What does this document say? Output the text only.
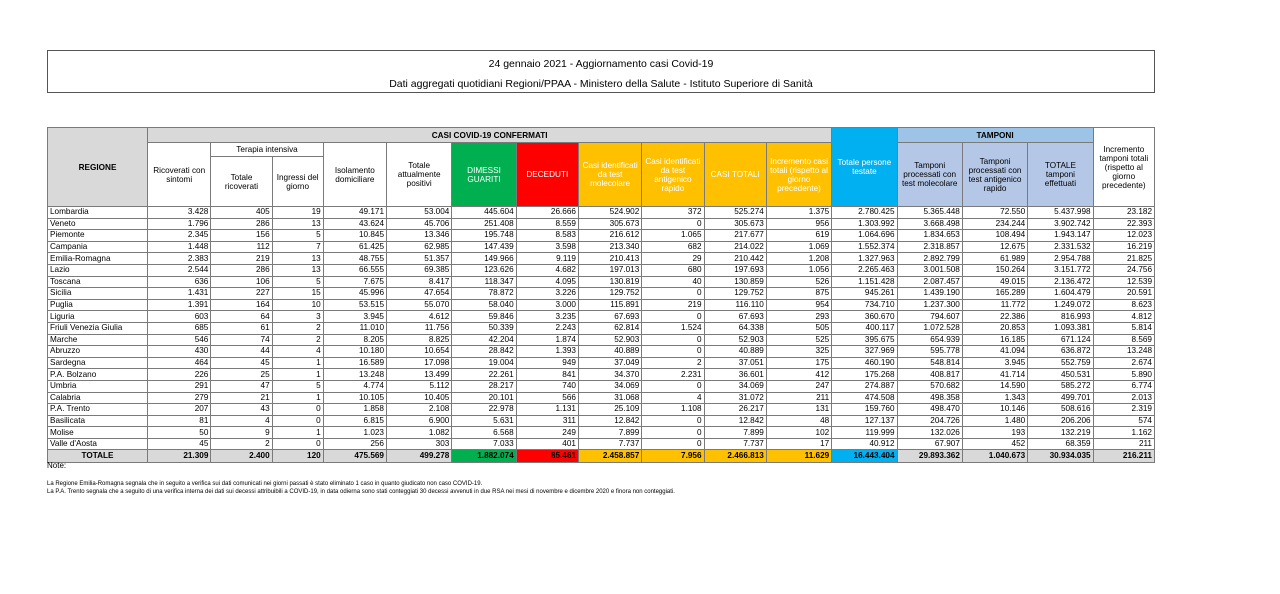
24 gennaio 2021 - Aggiornamento casi Covid-19
Dati aggregati quotidiani Regioni/PPAA - Ministero della Salute - Istituto Superiore di Sanità
REGIONE	CASI COVID-19 CONFERMATI											Totale persone testate	TAMPONI			Incremento tamponi totali (rispetto al giorno precedente)
	Ricoverati con sintomi	Terapia intensiva		Isolamento domiciliare	Totale attualmente positivi	DIMESSI GUARITI	DECEDUTI	Casi identificati da test molecolare	Casi identificati da test antigenico rapido	CASI TOTALI	Incremento casi totali (rispetto al giorno precedente)		Tamponi processati con test molecolare	Tamponi processati con test antigenico rapido	TOTALE tamponi effettuati	
		Totale ricoverati	Ingressi del giorno													
Lombardia	3.428	405	19	49.171	53.004	445.604	26.666	524.902	372	525.274	1.375	2.780.425	5.365.448	72.550	5.437.998	23.182
Veneto	1.796	286	13	43.624	45.706	251.408	8.559	305.673	0	305.673	956	1.303.992	3.668.498	234.244	3.902.742	22.393
Piemonte	2.345	156	5	10.845	13.346	195.748	8.583	216.612	1.065	217.677	619	1.064.696	1.834.653	108.494	1.943.147	12.023
Campania	1.448	112	7	61.425	62.985	147.439	3.598	213.340	682	214.022	1.069	1.552.374	2.318.857	12.675	2.331.532	16.219
Emilia-Romagna	2.383	219	13	48.755	51.357	149.966	9.119	210.413	29	210.442	1.208	1.327.963	2.892.799	61.989	2.954.788	21.825
Lazio	2.544	286	13	66.555	69.385	123.626	4.682	197.013	680	197.693	1.056	2.265.463	3.001.508	150.264	3.151.772	24.756
Toscana	636	106	5	7.675	8.417	118.347	4.095	130.819	40	130.859	526	1.151.428	2.087.457	49.015	2.136.472	12.539
Sicilia	1.431	227	15	45.996	47.654	78.872	3.226	129.752	0	129.752	875	945.261	1.439.190	165.289	1.604.479	20.591
Puglia	1.391	164	10	53.515	55.070	58.040	3.000	115.891	219	116.110	954	734.710	1.237.300	11.772	1.249.072	8.623
Liguria	603	64	3	3.945	4.612	59.846	3.235	67.693	0	67.693	293	360.670	794.607	22.386	816.993	4.812
Friuli Venezia Giulia	685	61	2	11.010	11.756	50.339	2.243	62.814	1.524	64.338	505	400.117	1.072.528	20.853	1.093.381	5.814
Marche	546	74	2	8.205	8.825	42.204	1.874	52.903	0	52.903	525	395.675	654.939	16.185	671.124	8.569
Abruzzo	430	44	4	10.180	10.654	28.842	1.393	40.889	0	40.889	325	327.969	595.778	41.094	636.872	13.248
Sardegna	464	45	1	16.589	17.098	19.004	949	37.049	2	37.051	175	460.190	548.814	3.945	552.759	2.674
P.A. Bolzano	226	25	1	13.248	13.499	22.261	841	34.370	2.231	36.601	412	175.268	408.817	41.714	450.531	5.890
Umbria	291	47	5	4.774	5.112	28.217	740	34.069	0	34.069	247	274.887	570.682	14.590	585.272	6.774
Calabria	279	21	1	10.105	10.405	20.101	566	31.068	4	31.072	211	474.508	498.358	1.343	499.701	2.013
P.A. Trento	207	43	0	1.858	2.108	22.978	1.131	25.109	1.108	26.217	131	159.760	498.470	10.146	508.616	2.319
Basilicata	81	4	0	6.815	6.900	5.631	311	12.842	0	12.842	48	127.137	204.726	1.480	206.206	574
Molise	50	9	1	1.023	1.082	6.568	249	7.899	0	7.899	102	119.999	132.026	193	132.219	1.162
Valle d'Aosta	45	2	0	256	303	7.033	401	7.737	0	7.737	17	40.912	67.907	452	68.359	211
TOTALE	21.309	2.400	120	475.569	499.278	1.882.074	85.461	2.458.857	7.956	2.466.813	11.629	16.443.404	29.893.362	1.040.673	30.934.035	216.211
Note:
La Regione Emilia-Romagna segnala che in seguito a verifica sui dati comunicati nei giorni passati è stato eliminato 1 caso in quanto giudicato non caso COVID-19.
La P.A. Trento segnala che a seguito di una verifica interna dei dati sui decessi attribuibili a COVID-19, in data odierna sono stati conteggiati 30 decessi avvenuti in due RSA nei mesi di novembre e dicembre 2020 e finora non conteggiati.
